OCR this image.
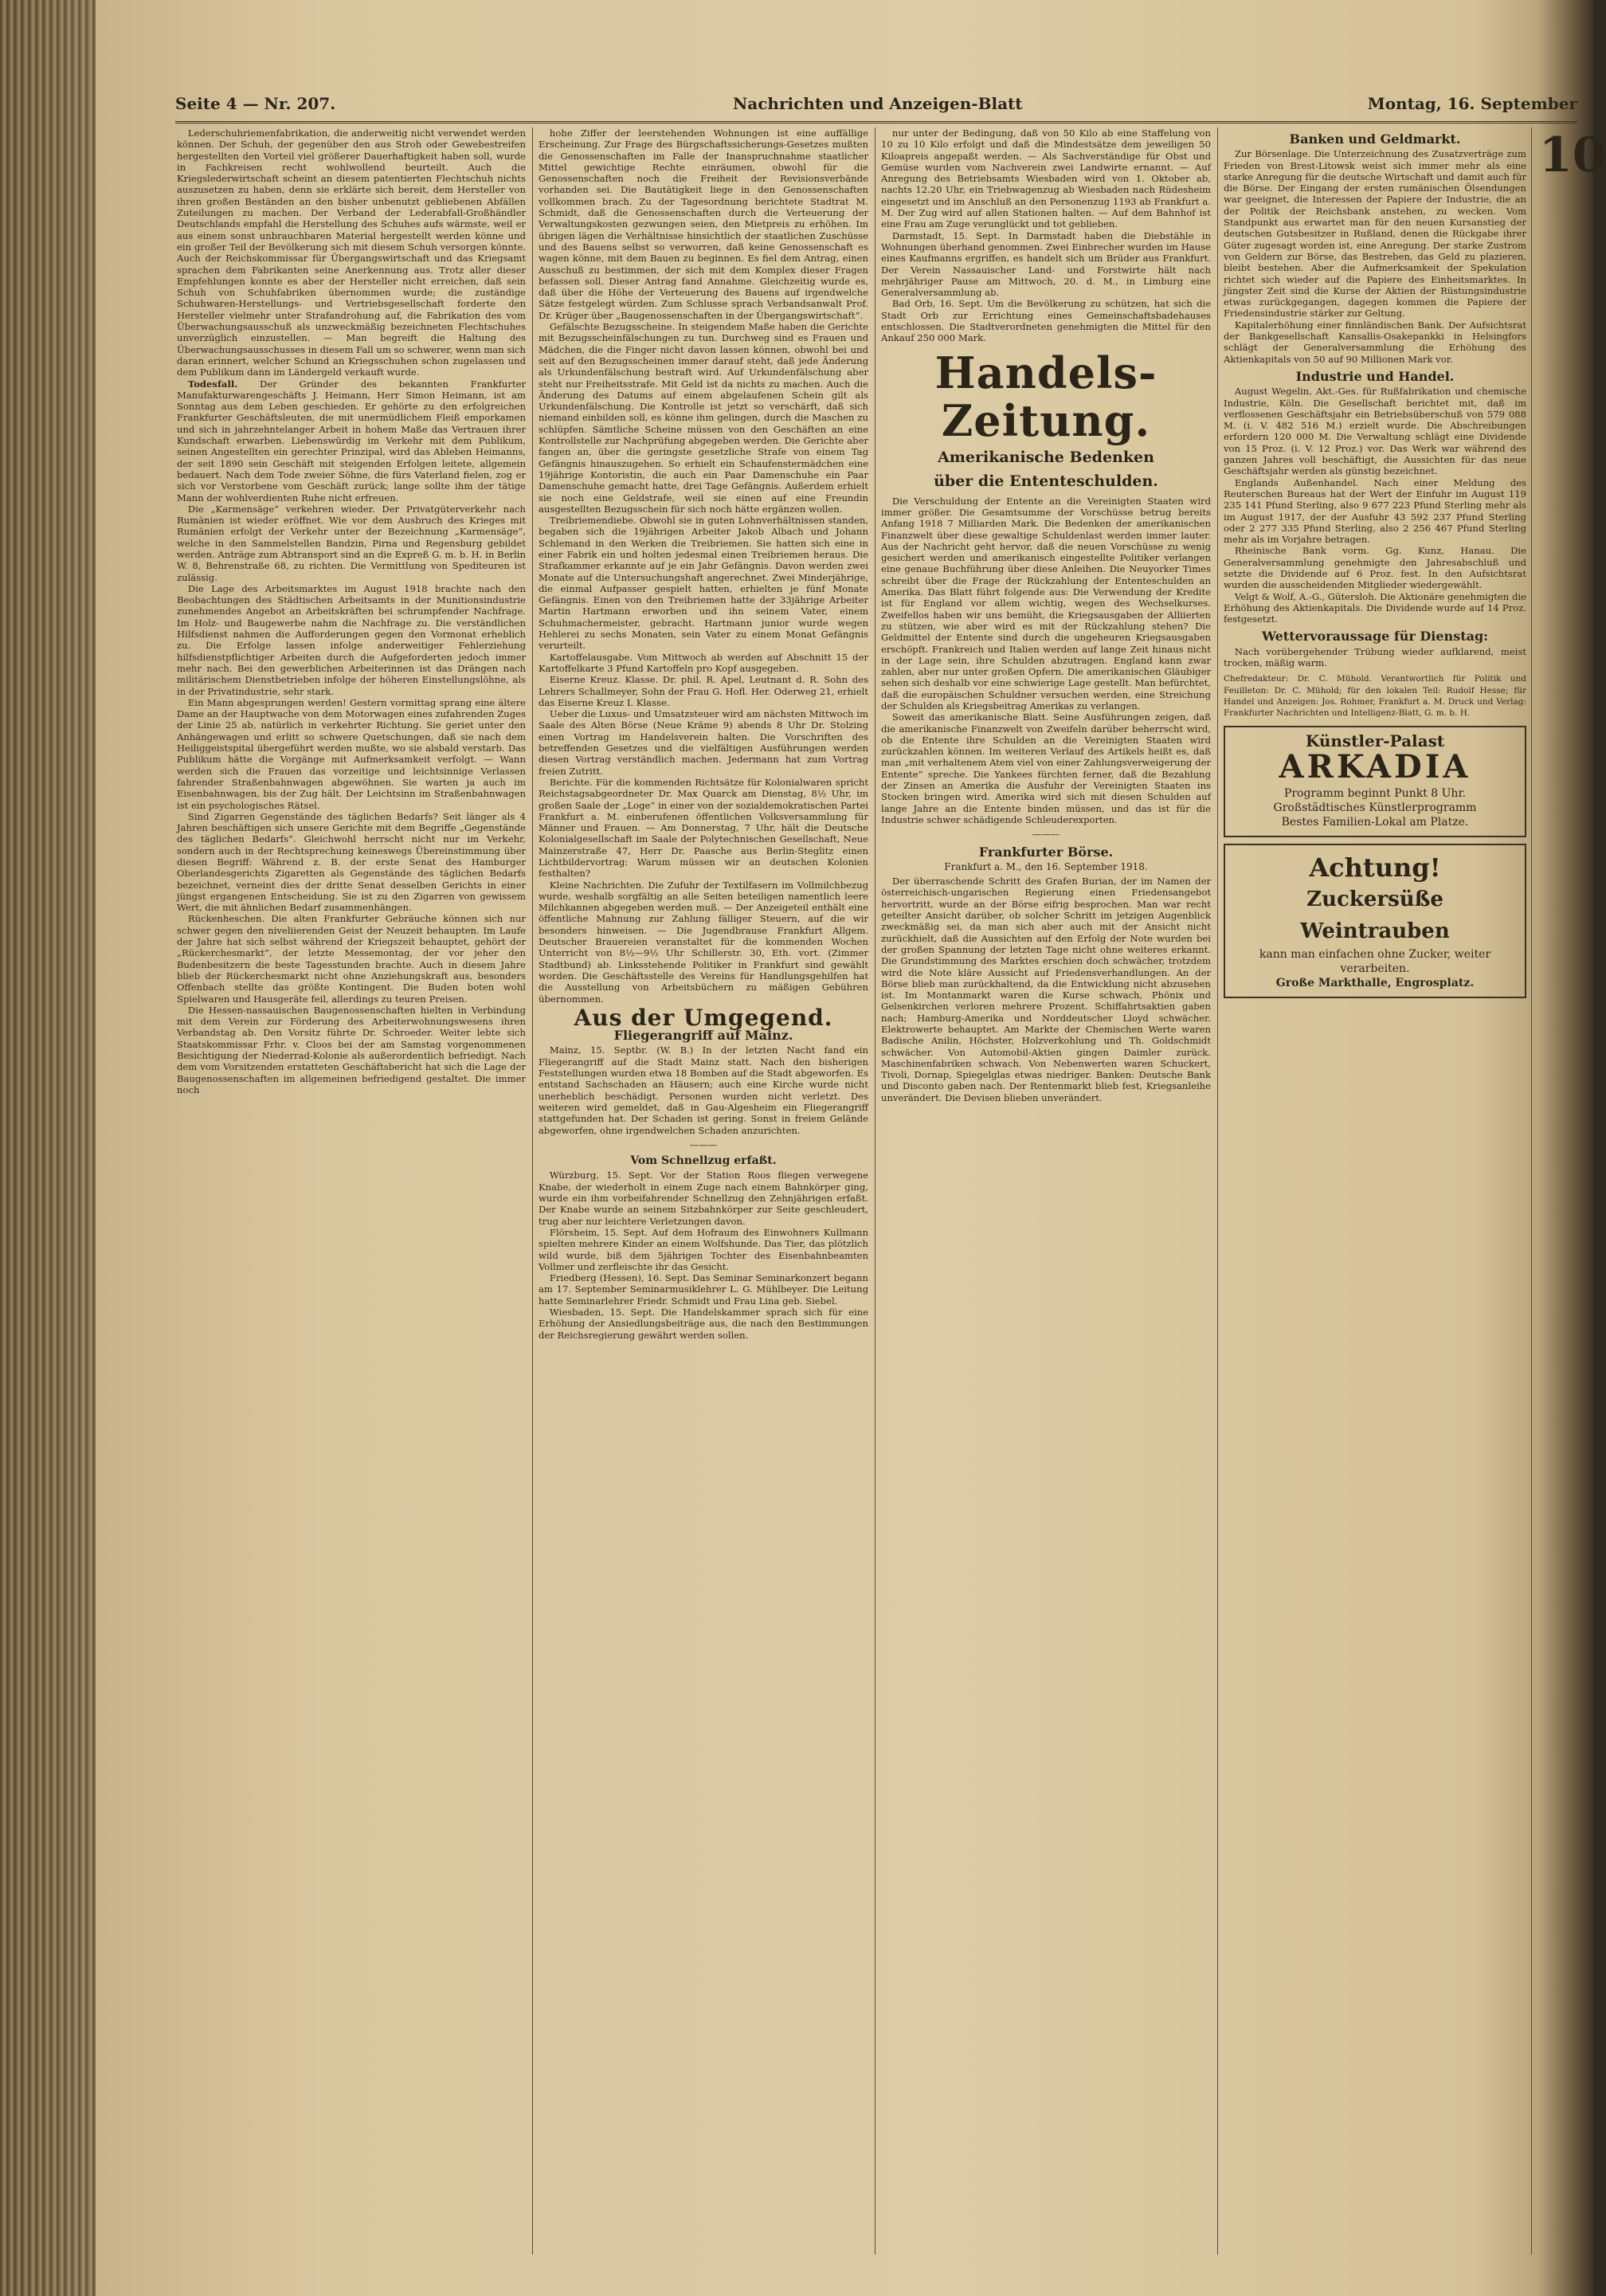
Seite 4 — Nr. 207.	Nachrichten und Anzeigen-Blatt	Montag, 16. September

Lederschuhriemenfabrikation, die anderweitig nicht verwendet werden können. Der Schuh, der gegenüber den aus Stroh oder Gewebestreifen hergestellten den Vorteil viel größerer Dauerhaftigkeit haben soll, wurde in Fachkreisen recht wohlwollend beurteilt. Auch die Kriegslederwirtschaft scheint an diesem patentierten Flechtschuh nichts auszusetzen zu haben, denn sie erklärte sich bereit, dem Hersteller von ihren großen Beständen an den bisher unbenutzt gebliebenen Abfällen Zuteilungen zu machen. Der Verband der Lederabfall-Großhändler Deutschlands empfahl die Herstellung des Schuhes aufs wärmste, weil er aus einem sonst unbrauchbaren Material hergestellt werden könne und ein großer Teil der Bevölkerung sich mit diesem Schuh versorgen könnte. Auch der Reichskommissar für Übergangswirtschaft und das Kriegsamt sprachen dem Fabrikanten seine Anerkennung aus. Trotz aller dieser Empfehlungen konnte es aber der Hersteller nicht erreichen, daß sein Schuh von Schuhfabriken übernommen wurde; die zuständige Schuhwaren-Herstellungs- und Vertriebsgesellschaft forderte den Hersteller vielmehr unter Strafandrohung auf, die Fabrikation des vom Überwachungsausschuß als unzweckmäßig bezeichneten Flechtschuhes unverzüglich einzustellen. — Man begreift die Haltung des Überwachungsausschusses in diesem Fall um so schwerer, wenn man sich daran erinnert, welcher Schund an Kriegsschuhen schon zugelassen und dem Publikum dann im Ländergeld verkauft wurde.

Todesfall. Der Gründer des bekannten Frankfurter Manufakturwarengeschäfts J. Heimann, Herr Simon Heimann, ist am Sonntag aus dem Leben geschieden. Er gehörte zu den erfolgreichen Frankfurter Geschäftsleuten, die mit unermüdlichem Fleiß emporkamen und sich in jahrzehntelanger Arbeit in hohem Maße das Vertrauen ihrer Kundschaft erwarben. Liebenswürdig im Verkehr mit dem Publikum, seinen Angestellten ein gerechter Prinzipal, wird das Ableben Heimanns, der seit 1890 sein Geschäft mit steigenden Erfolgen leitete, allgemein bedauert. Nach dem Tode zweier Söhne, die fürs Vaterland fielen, zog er sich vor Verstorbene vom Geschäft zurück; lange sollte ihm der tätige Mann der wohlverdienten Ruhe nicht erfreuen.

Die „Karmensäge“ verkehren wieder. Der Privatgüterverkehr nach Rumänien ist wieder eröffnet. Wie vor dem Ausbruch des Krieges mit Rumänien erfolgt der Verkehr unter der Bezeichnung „Karmensäge“, welche in den Sammelstellen Bandzin, Pirna und Regensburg gebildet werden. Anträge zum Abtransport sind an die Expreß G. m. b. H. in Berlin W. 8, Behrenstraße 68, zu richten. Die Vermittlung von Spediteuren ist zulässig.

Die Lage des Arbeitsmarktes im August 1918 brachte nach den Beobachtungen des Städtischen Arbeitsamts in der Munitionsindustrie zunehmendes Angebot an Arbeitskräften bei schrumpfender Nachfrage. Im Holz- und Baugewerbe nahm die Nachfrage zu. Die verständlichen Hilfsdienst nahmen die Aufforderungen gegen den Vormonat erheblich zu. Die Erfolge lassen infolge anderweitiger Fehlerziehung hilfsdienstpflichtiger Arbeiten durch die Aufgeforderten jedoch immer mehr nach. Bei den gewerblichen Arbeiterinnen ist das Drängen nach militärischem Dienstbetrieben infolge der höheren Einstellungslöhne, als in der Privatindustrie, sehr stark.

Ein Mann abgesprungen werden! Gestern vormittag sprang eine ältere Dame an der Hauptwache von dem Motorwagen eines zufahrenden Zuges der Linie 25 ab, natürlich in verkehrter Richtung. Sie geriet unter den Anhängewagen und erlitt so schwere Quetschungen, daß sie nach dem Heiliggeistspital übergeführt werden mußte, wo sie alsbald verstarb. Das Publikum hätte die Vorgänge mit Aufmerksamkeit verfolgt. — Wann werden sich die Frauen das vorzeitige und leichtsinnige Verlassen fahrender Straßenbahnwagen abgewöhnen. Sie warten ja auch im Eisenbahnwagen, bis der Zug hält. Der Leichtsinn im Straßenbahnwagen ist ein psychologisches Rätsel.

Sind Zigarren Gegenstände des täglichen Bedarfs? Seit länger als 4 Jahren beschäftigen sich unsere Gerichte mit dem Begriffe „Gegenstände des täglichen Bedarfs“. Gleichwohl herrscht nicht nur im Verkehr, sondern auch in der Rechtsprechung keineswegs Übereinstimmung über diesen Begriff: Während z. B. der erste Senat des Hamburger Oberlandesgerichts Zigaretten als Gegenstände des täglichen Bedarfs bezeichnet, verneint dies der dritte Senat desselben Gerichts in einer jüngst ergangenen Entscheidung. Sie ist zu den Zigarren von gewissem Wert, die mit ähnlichen Bedarf zusammenhängen.

Rückenheschen. Die alten Frankfurter Gebräuche können sich nur schwer gegen den niveliierenden Geist der Neuzeit behaupten. Im Laufe der Jahre hat sich selbst während der Kriegszeit behauptet, gehört der „Rückerchesmarkt“, der letzte Messemontag, der vor jeher den Budenbesitzern die beste Tagesstunden brachte. Auch in diesem Jahre blieb der Rückerchesmarkt nicht ohne Anziehungskraft aus, besonders Offenbach stellte das größte Kontingent. Die Buden boten wohl Spielwaren und Hausgeräte feil, allerdings zu teuren Preisen.

Die Hessen-nassauischen Baugenossenschaften hielten in Verbindung mit dem Verein zur Förderung des Arbeiterwohnungswesens ihren Verbandstag ab. Den Vorsitz führte Dr. Schroeder. Weiter lebte sich Staatskommissar Frhr. v. Cloos bei der am Samstag vorgenommenen Besichtigung der Niederrad-Kolonie als außerordentlich befriedigt. Nach dem vom Vorsitzenden erstatteten Geschäftsbericht hat sich die Lage der Baugenossenschaften im allgemeinen befriedigend gestaltet. Die immer noch

hohe Ziffer der leerstehenden Wohnungen ist eine auffällige Erscheinung. Zur Frage des Bürgschaftssicherungs-Gesetzes mußten die Genossenschaften im Falle der Inanspruchnahme staatlicher Mittel gewichtige Rechte einräumen, obwohl für die Genossenschaften noch die Freiheit der Revisionsverbände vorhanden sei. Die Bautätigkeit liege in den Genossenschaften vollkommen brach. Zu der Tagesordnung berichtete Stadtrat M. Schmidt, daß die Genossenschaften durch die Verteuerung der Verwaltungskosten gezwungen seien, den Mietpreis zu erhöhen. Im übrigen lägen die Verhältnisse hinsichtlich der staatlichen Zuschüsse und des Bauens selbst so verworren, daß keine Genossenschaft es wagen könne, mit dem Bauen zu beginnen. Es fiel dem Antrag, einen Ausschuß zu bestimmen, der sich mit dem Komplex dieser Fragen befassen soll. Dieser Antrag fand Annahme. Gleichzeitig wurde es, daß über die Höhe der Verteuerung des Bauens auf irgendwelche Sätze festgelegt würden. Zum Schlusse sprach Verbandsanwalt Prof. Dr. Krüger über „Baugenossenschaften in der Übergangswirtschaft“.

Gefälschte Bezugsscheine. In steigendem Maße haben die Gerichte mit Bezugsscheinfälschungen zu tun. Durchweg sind es Frauen und Mädchen, die die Finger nicht davon lassen können, obwohl bei und seit auf den Bezugsscheinen immer darauf steht, daß jede Änderung als Urkundenfälschung bestraft wird. Auf Urkundenfälschung aber steht nur Freiheitsstrafe. Mit Geld ist da nichts zu machen. Auch die Änderung des Datums auf einem abgelaufenen Schein gilt als Urkundenfälschung. Die Kontrolle ist jetzt so verschärft, daß sich niemand einbilden soll, es könne ihm gelingen, durch die Maschen zu schlüpfen. Sämtliche Scheine müssen von den Geschäften an eine Kontrollstelle zur Nachprüfung abgegeben werden. Die Gerichte aber fangen an, über die geringste gesetzliche Strafe von einem Tag Gefängnis hinauszugehen. So erhielt ein Schaufenstermädchen eine 19jährige Kontoristin, die auch ein Paar Damenschuhe ein Paar Damenschuhe gemacht hatte, drei Tage Gefängnis. Außerdem erhielt sie noch eine Geldstrafe, weil sie einen auf eine Freundin ausgestellten Bezugsschein für sich noch hätte ergänzen wollen.

Treibriemendiebe. Obwohl sie in guten Lohnverhältnissen standen, begaben sich die 19jährigen Arbeiter Jakob Albach und Johann Schlemand in den Werken die Treibriemen. Sie hatten sich eine in einer Fabrik ein und holten jedesmal einen Treibriemen heraus. Die Strafkammer erkannte auf je ein Jahr Gefängnis. Davon werden zwei Monate auf die Untersuchungshaft angerechnet. Zwei Minderjährige, die einmal Aufpasser gespielt hatten, erhielten je fünf Monate Gefängnis. Einen von den Treibriemen hatte der 33jährige Arbeiter Martin Hartmann erworben und ihn seinem Vater, einem Schuhmachermeister, gebracht. Hartmann junior wurde wegen Hehlerei zu sechs Monaten, sein Vater zu einem Monat Gefängnis verurteilt.

Kartoffelausgabe. Vom Mittwoch ab werden auf Abschnitt 15 der Kartoffelkarte 3 Pfund Kartoffeln pro Kopf ausgegeben.

Eiserne Kreuz. Klasse. Dr. phil. R. Apel, Leutnant d. R. Sohn des Lehrers Schallmeyer, Sohn der Frau G. Hofl. Her. Oderweg 21, erhielt das Eiserne Kreuz I. Klasse.

Ueber die Luxus- und Umsatzsteuer wird am nächsten Mittwoch im Saale des Alten Börse (Neue Kräme 9) abends 8 Uhr Dr. Stolzing einen Vortrag im Handelsverein halten. Die Vorschriften des betreffenden Gesetzes und die vielfältigen Ausführungen werden diesen Vortrag verständlich machen. Jedermann hat zum Vortrag freien Zutritt.

Berichte. Für die kommenden Richtsätze für Kolonialwaren spricht Reichstagsabgeordneter Dr. Max Quarck am Dienstag, 8½ Uhr, im großen Saale der „Loge“ in einer von der sozialdemokratischen Partei Frankfurt a. M. einberufenen öffentlichen Volksversammlung für Männer und Frauen. — Am Donnerstag, 7 Uhr, hält die Deutsche Kolonialgesellschaft im Saale der Polytechnischen Gesellschaft, Neue Mainzerstraße 47, Herr Dr. Paasche aus Berlin-Steglitz einen Lichtbildervortrag: Warum müssen wir an deutschen Kolonien festhalten?

Kleine Nachrichten. Die Zufuhr der Textilfasern im Vollmilchbezug wurde, weshalb sorgfältig an alle Seiten beteiligen namentlich leere Milchkannen abgegeben werden muß. — Der Anzeigeteil enthält eine öffentliche Mahnung zur Zahlung fälliger Steuern, auf die wir besonders hinweisen. — Die Jugendbrause Frankfurt Allgem. Deutscher Brauereien veranstaltet für die kommenden Wochen Unterricht von 8½—9½ Uhr Schillerstr. 30, Eth. vort. (Zimmer Stadtbund) ab. Linksstehende Politiker in Frankfurt sind gewählt worden. Die Geschäftsstelle des Vereins für Handlungsgehilfen hat die Ausstellung von Arbeitsbüchern zu mäßigen Gebühren übernommen.

Aus der Umgegend.
Fliegerangriff auf Mainz.

Mainz, 15. Septbr. (W. B.) In der letzten Nacht fand ein Fliegerangriff auf die Stadt Mainz statt. Nach den bisherigen Feststellungen wurden etwa 18 Bomben auf die Stadt abgeworfen. Es entstand Sachschaden an Häusern; auch eine Kirche wurde nicht unerheblich beschädigt. Personen wurden nicht verletzt. Des weiteren wird gemeldet, daß in Gau-Algesheim ein Fliegerangriff stattgefunden hat. Der Schaden ist gering. Sonst in freiem Gelände abgeworfen, ohne irgendwelchen Schaden anzurichten.

———
Vom Schnellzug erfaßt.

Würzburg, 15. Sept. Vor der Station Roos fliegen verwegene Knabe, der wiederholt in einem Zuge nach einem Bahnkörper ging, wurde ein ihm vorbeifahrender Schnellzug den Zehnjährigen erfaßt. Der Knabe wurde an seinem Sitzbahnkörper zur Seite geschleudert, trug aber nur leichtere Verletzungen davon.

Flörsheim, 15. Sept. Auf dem Hofraum des Einwohners Kullmann spielten mehrere Kinder an einem Wolfshunde. Das Tier, das plötzlich wild wurde, biß dem 5jährigen Tochter des Eisenbahnbeamten Vollmer und zerfleischte ihr das Gesicht.

Friedberg (Hessen), 16. Sept. Das Seminar Seminarkonzert begann am 17. September Seminarmusiklehrer L. G. Mühlbeyer. Die Leitung hatte Seminarlehrer Friedr. Schmidt und Frau Lina geb. Siebel.

Wiesbaden, 15. Sept. Die Handelskammer sprach sich für eine Erhöhung der Ansiedlungsbeiträge aus, die nach den Bestimmungen der Reichsregierung gewährt werden sollen.

nur unter der Bedingung, daß von 50 Kilo ab eine Staffelung von 10 zu 10 Kilo erfolgt und daß die Mindestsätze dem jeweiligen 50 Kiloapreis angepaßt werden. — Als Sachverständige für Obst und Gemüse wurden vom Nachverein zwei Landwirte ernannt. — Auf Anregung des Betriebsamts Wiesbaden wird von 1. Oktober ab, nachts 12.20 Uhr, ein Triebwagenzug ab Wiesbaden nach Rüdesheim eingesetzt und im Anschluß an den Personenzug 1193 ab Frankfurt a. M. Der Zug wird auf allen Stationen halten. — Auf dem Bahnhof ist eine Frau am Zuge verunglückt und tot geblieben.

Darmstadt, 15. Sept. In Darmstadt haben die Diebstähle in Wohnungen überhand genommen. Zwei Einbrecher wurden im Hause eines Kaufmanns ergriffen, es handelt sich um Brüder aus Frankfurt. Der Verein Nassauischer Land- und Forstwirte hält nach mehrjähriger Pause am Mittwoch, 20. d. M., in Limburg eine Generalversammlung ab.

Bad Orb, 16. Sept. Um die Bevölkerung zu schützen, hat sich die Stadt Orb zur Errichtung eines Gemeinschaftsbadehauses entschlossen. Die Stadtverordneten genehmigten die Mittel für den Ankauf 250 000 Mark.

Handels-Zeitung.
Amerikanische Bedenken
über die Ententeschulden.

Die Verschuldung der Entente an die Vereinigten Staaten wird immer größer. Die Gesamtsumme der Vorschüsse betrug bereits Anfang 1918 7 Milliarden Mark. Die Bedenken der amerikanischen Finanzwelt über diese gewaltige Schuldenlast werden immer lauter. Aus der Nachricht geht hervor, daß die neuen Vorschüsse zu wenig gesichert werden und amerikanisch eingestellte Politiker verlangen eine genaue Buchführung über diese Anleihen. Die Neuyorker Times schreibt über die Frage der Rückzahlung der Ententeschulden an Amerika. Das Blatt führt folgende aus: Die Verwendung der Kredite ist für England vor allem wichtig, wegen des Wechselkurses. Zweifellos haben wir uns bemüht, die Kriegsausgaben der Alliierten zu stützen, wie aber wird es mit der Rückzahlung stehen? Die Geldmittel der Entente sind durch die ungeheuren Kriegsausgaben erschöpft. Frankreich und Italien werden auf lange Zeit hinaus nicht in der Lage sein, ihre Schulden abzutragen. England kann zwar zahlen, aber nur unter großen Opfern. Die amerikanischen Gläubiger sehen sich deshalb vor eine schwierige Lage gestellt. Man befürchtet, daß die europäischen Schuldner versuchen werden, eine Streichung der Schulden als Kriegsbeitrag Amerikas zu verlangen.

Soweit das amerikanische Blatt. Seine Ausführungen zeigen, daß die amerikanische Finanzwelt von Zweifeln darüber beherrscht wird, ob die Entente ihre Schulden an die Vereinigten Staaten wird zurückzahlen können. Im weiteren Verlauf des Artikels heißt es, daß man „mit verhaltenem Atem viel von einer Zahlungsverweigerung der Entente“ spreche. Die Yankees fürchten ferner, daß die Bezahlung der Zinsen an Amerika die Ausfuhr der Vereinigten Staaten ins Stocken bringen wird. Amerika wird sich mit diesen Schulden auf lange Jahre an die Entente binden müssen, und das ist für die Industrie schwer schädigende Schleuderexporten.

———
Frankfurter Börse.
Frankfurt a. M., den 16. September 1918.

Der überraschende Schritt des Grafen Burian, der im Namen der österreichisch-ungarischen Regierung einen Friedensangebot hervortritt, wurde an der Börse eifrig besprochen. Man war recht geteilter Ansicht darüber, ob solcher Schritt im jetzigen Augenblick zweckmäßig sei, da man sich aber auch mit der Ansicht nicht zurückhielt, daß die Aussichten auf den Erfolg der Note wurden bei der großen Spannung der letzten Tage nicht ohne weiteres erkannt. Die Grundstimmung des Marktes erschien doch schwächer, trotzdem wird die Note kläre Aussicht auf Friedensverhandlungen. An der Börse blieb man zurückhaltend, da die Entwicklung nicht abzusehen ist. Im Montanmarkt waren die Kurse schwach, Phönix und Gelsenkirchen verloren mehrere Prozent. Schiffahrtsaktien gaben nach; Hamburg-Amerika und Norddeutscher Lloyd schwächer. Elektrowerte behauptet. Am Markte der Chemischen Werte waren Badische Anilin, Höchster, Holzverkohlung und Th. Goldschmidt schwächer. Von Automobil-Aktien gingen Daimler zurück. Maschinenfabriken schwach. Von Nebenwerten waren Schuckert, Tivoli, Dornap, Spiegelglas etwas niedriger. Banken: Deutsche Bank und Disconto gaben nach. Der Rentenmarkt blieb fest, Kriegsanleihe unverändert. Die Devisen blieben unverändert.

Banken und Geldmarkt.

Zur Börsenlage. Die Unterzeichnung des Zusatzverträge zum Frieden von Brest-Litowsk weist sich immer mehr als eine starke Anregung für die deutsche Wirtschaft und damit auch für die Börse. Der Eingang der ersten rumänischen Ölsendungen war geeignet, die Interessen der Papiere der Industrie, die an der Politik der Reichsbank anstehen, zu wecken. Vom Standpunkt aus erwartet man für den neuen Kursanstieg der deutschen Gutsbesitzer in Rußland, denen die Rückgabe ihrer Güter zugesagt worden ist, eine Anregung. Der starke Zustrom von Geldern zur Börse, das Bestreben, das Geld zu plazieren, bleibt bestehen. Aber die Aufmerksamkeit der Spekulation richtet sich wieder auf die Papiere des Einheitsmarktes. In jüngster Zeit sind die Kurse der Aktien der Rüstungsindustrie etwas zurückgegangen, dagegen kommen die Papiere der Friedensindustrie stärker zur Geltung.

Kapitalerhöhung einer finnländischen Bank. Der Aufsichtsrat der Bankgesellschaft Kansallis-Osakepankki in Helsingfors schlägt der Generalversammlung die Erhöhung des Aktienkapitals von 50 auf 90 Millionen Mark vor.

Industrie und Handel.

August Wegelin, Akt.-Ges. für Rußfabrikation und chemische Industrie, Köln. Die Gesellschaft berichtet mit, daß im verflossenen Geschäftsjahr ein Betriebsüberschuß von 579 088 M. (i. V. 482 516 M.) erzielt wurde. Die Abschreibungen erfordern 120 000 M. Die Verwaltung schlägt eine Dividende von 15 Proz. (i. V. 12 Proz.) vor. Das Werk war während des ganzen Jahres voll beschäftigt, die Aussichten für das neue Geschäftsjahr werden als günstig bezeichnet.

Englands Außenhandel. Nach einer Meldung des Reuterschen Bureaus hat der Wert der Einfuhr im August 119 235 141 Pfund Sterling, also 9 677 223 Pfund Sterling mehr als im August 1917, der der Ausfuhr 43 592 237 Pfund Sterling oder 2 277 335 Pfund Sterling, also 2 256 467 Pfund Sterling mehr als im Vorjahre betragen.

Rheinische Bank vorm. Gg. Kunz, Hanau. Die Generalversammlung genehmigte den Jahresabschluß und setzte die Dividende auf 6 Proz. fest. In den Aufsichtsrat wurden die ausscheidenden Mitglieder wiedergewählt.

Velgt & Wolf, A.-G., Gütersloh. Die Aktionäre genehmigten die Erhöhung des Aktienkapitals. Die Dividende wurde auf 14 Proz. festgesetzt.

Wettervoraussage für Dienstag:

Nach vorübergehender Trübung wieder aufklarend, meist trocken, mäßig warm.

Chefredakteur: Dr. C. Mühold. Verantwortlich für Politik und Feuilleton: Dr. C. Mühold; für den lokalen Teil: Rudolf Hesse; für Handel und Anzeigen: Jos. Rohmer, Frankfurt a. M. Druck und Verlag: Frankfurter Nachrichten und Intelligenz-Blatt, G. m. b. H.

Künstler-Palast
ARKADIA
Programm beginnt Punkt 8 Uhr.
Großstädtisches Künstlerprogramm
Bestes Familien-Lokal am Platze.
Achtung!
Zuckersüße Weintrauben
kann man einfachen ohne Zucker, weiter verarbeiten.
Große Markthalle, Engrosplatz.
10
